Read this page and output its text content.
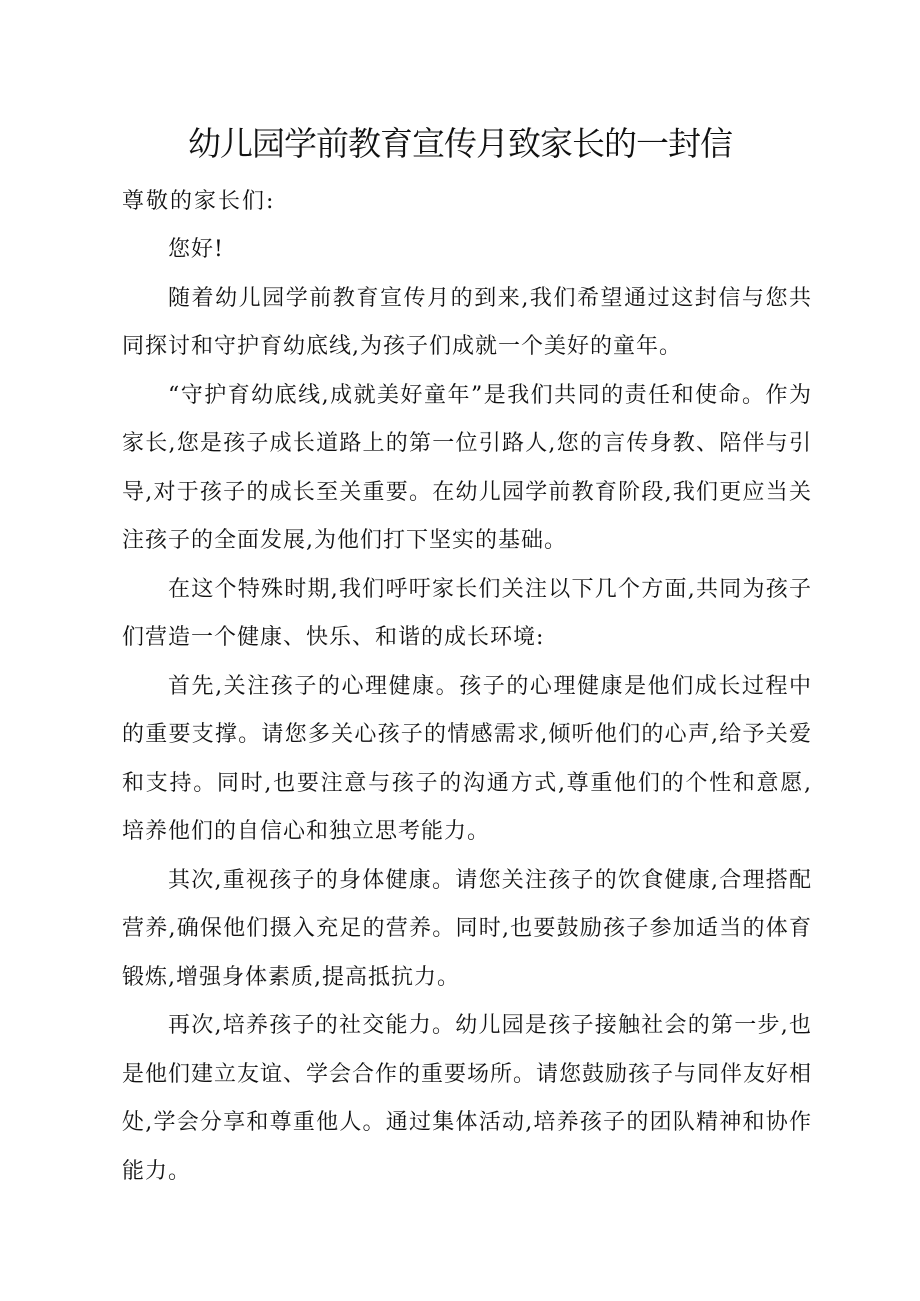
幼儿园学前教育宣传月致家长的一封信

尊敬的家长们:

您好!

随着幼儿园学前教育宣传月的到来,我们希望通过这封信与您共同探讨和守护育幼底线,为孩子们成就一个美好的童年。

“守护育幼底线,成就美好童年”是我们共同的责任和使命。作为家长,您是孩子成长道路上的第一位引路人,您的言传身教、陪伴与引导,对于孩子的成长至关重要。在幼儿园学前教育阶段,我们更应当关注孩子的全面发展,为他们打下坚实的基础。

在这个特殊时期,我们呼吁家长们关注以下几个方面,共同为孩子们营造一个健康、快乐、和谐的成长环境:

首先,关注孩子的心理健康。孩子的心理健康是他们成长过程中的重要支撑。请您多关心孩子的情感需求,倾听他们的心声,给予关爱和支持。同时,也要注意与孩子的沟通方式,尊重他们的个性和意愿,培养他们的自信心和独立思考能力。

其次,重视孩子的身体健康。请您关注孩子的饮食健康,合理搭配营养,确保他们摄入充足的营养。同时,也要鼓励孩子参加适当的体育锻炼,增强身体素质,提高抵抗力。

再次,培养孩子的社交能力。幼儿园是孩子接触社会的第一步,也是他们建立友谊、学会合作的重要场所。请您鼓励孩子与同伴友好相处,学会分享和尊重他人。通过集体活动,培养孩子的团队精神和协作能力。
